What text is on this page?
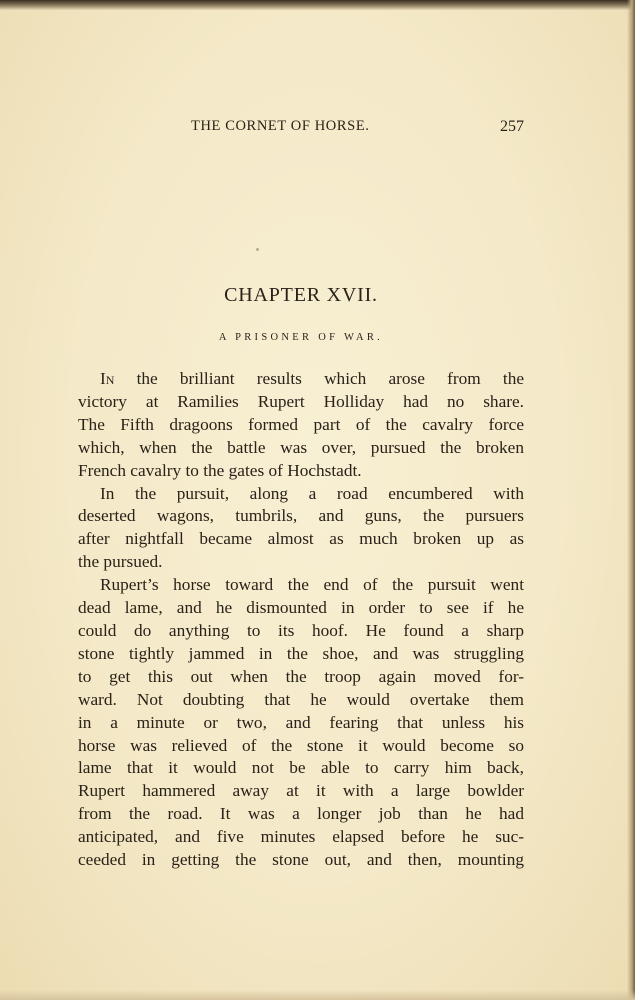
THE CORNET OF HORSE.	257
CHAPTER XVII.
A PRISONER OF WAR.
In the brilliant results which arose from the
victory at Ramilies Rupert Holliday had no share.
The Fifth dragoons formed part of the cavalry force
which, when the battle was over, pursued the broken
French cavalry to the gates of Hochstadt.
In the pursuit, along a road encumbered with
deserted wagons, tumbrils, and guns, the pursuers
after nightfall became almost as much broken up as
the pursued.
Rupert’s horse toward the end of the pursuit went
dead lame, and he dismounted in order to see if he
could do anything to its hoof. He found a sharp
stone tightly jammed in the shoe, and was struggling
to get this out when the troop again moved for-
ward. Not doubting that he would overtake them
in a minute or two, and fearing that unless his
horse was relieved of the stone it would become so
lame that it would not be able to carry him back,
Rupert hammered away at it with a large bowlder
from the road. It was a longer job than he had
anticipated, and five minutes elapsed before he suc-
ceeded in getting the stone out, and then, mounting
